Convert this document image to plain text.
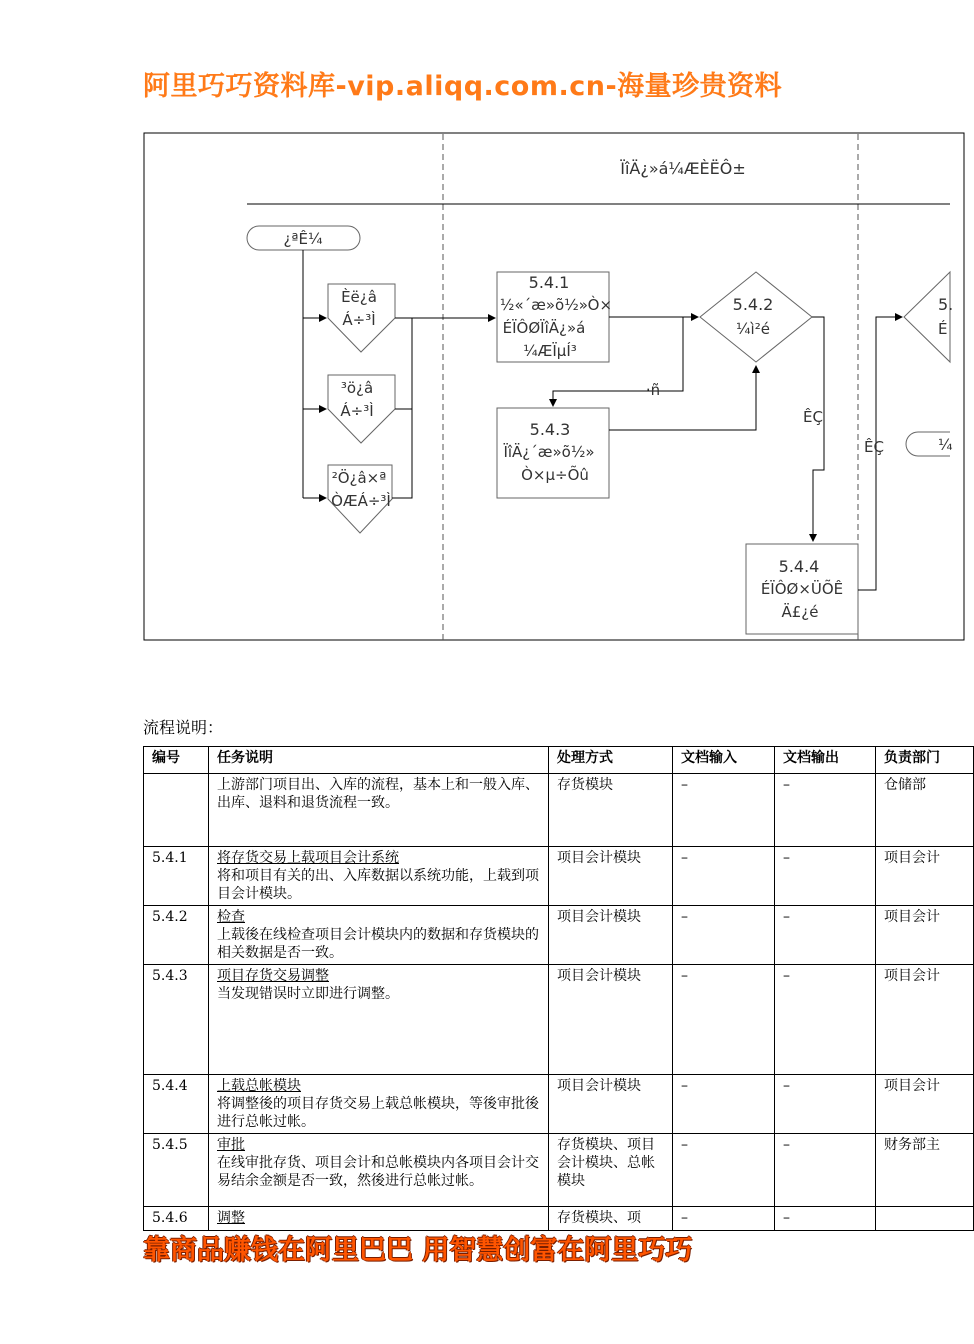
阿里巧巧资料库-vip.aliqq.com.cn-海量珍贵资料
ÏîÄ¿»á¼ÆÈËÔ±
¿ªÊ¼
Èë¿â
Á÷³Ì
³ö¿â
Á÷³Ì
²Ö¿â×ª
ÒÆÁ÷³Ì
5.4.1
½«´æ»õ½»Ò×
ÉÏÔØÏîÄ¿»á
¼ÆÏµÍ³
5.4.2
¼ì²é
·ñ
5.4.3
ÏîÄ¿´æ»õ½»
Ò×µ÷Õû
ÊÇ
5.4.4
ÉÏÔØ×ÜÕÊ
Ä£¿é
ÊÇ
5.
É
¼
流程说明：
编号	任务说明	处理方式	文档输入	文档输出	负责部门

	上游部门项目出、入库的流程，基本上和一般入库、出库、退料和退货流程一致。	存货模块	–	–	仓储部
5.4.1	将存货交易上载项目会计系统
将和项目有关的出、入库数据以系统功能，上载到项目会计模块。	项目会计模块	–	–	项目会计
5.4.2	检查
上载後在线检查项目会计模块内的数据和存货模块的相关数据是否一致。	项目会计模块	–	–	项目会计
5.4.3	项目存货交易调整
当发现错误时立即进行调整。	项目会计模块	–	–	项目会计
5.4.4	上载总帐模块
将调整後的项目存货交易上载总帐模块，等後审批後进行总帐过帐。	项目会计模块	–	–	项目会计
5.4.5	审批
在线审批存货、项目会计和总帐模块内各项目会计交易结余金额是否一致，然後进行总帐过帐。	存货模块、项目会计模块、总帐模块	–	–	财务部主
5.4.6	调整	存货模块、项	–	–	
靠商品赚钱在阿里巴巴 用智慧创富在阿里巧巧
